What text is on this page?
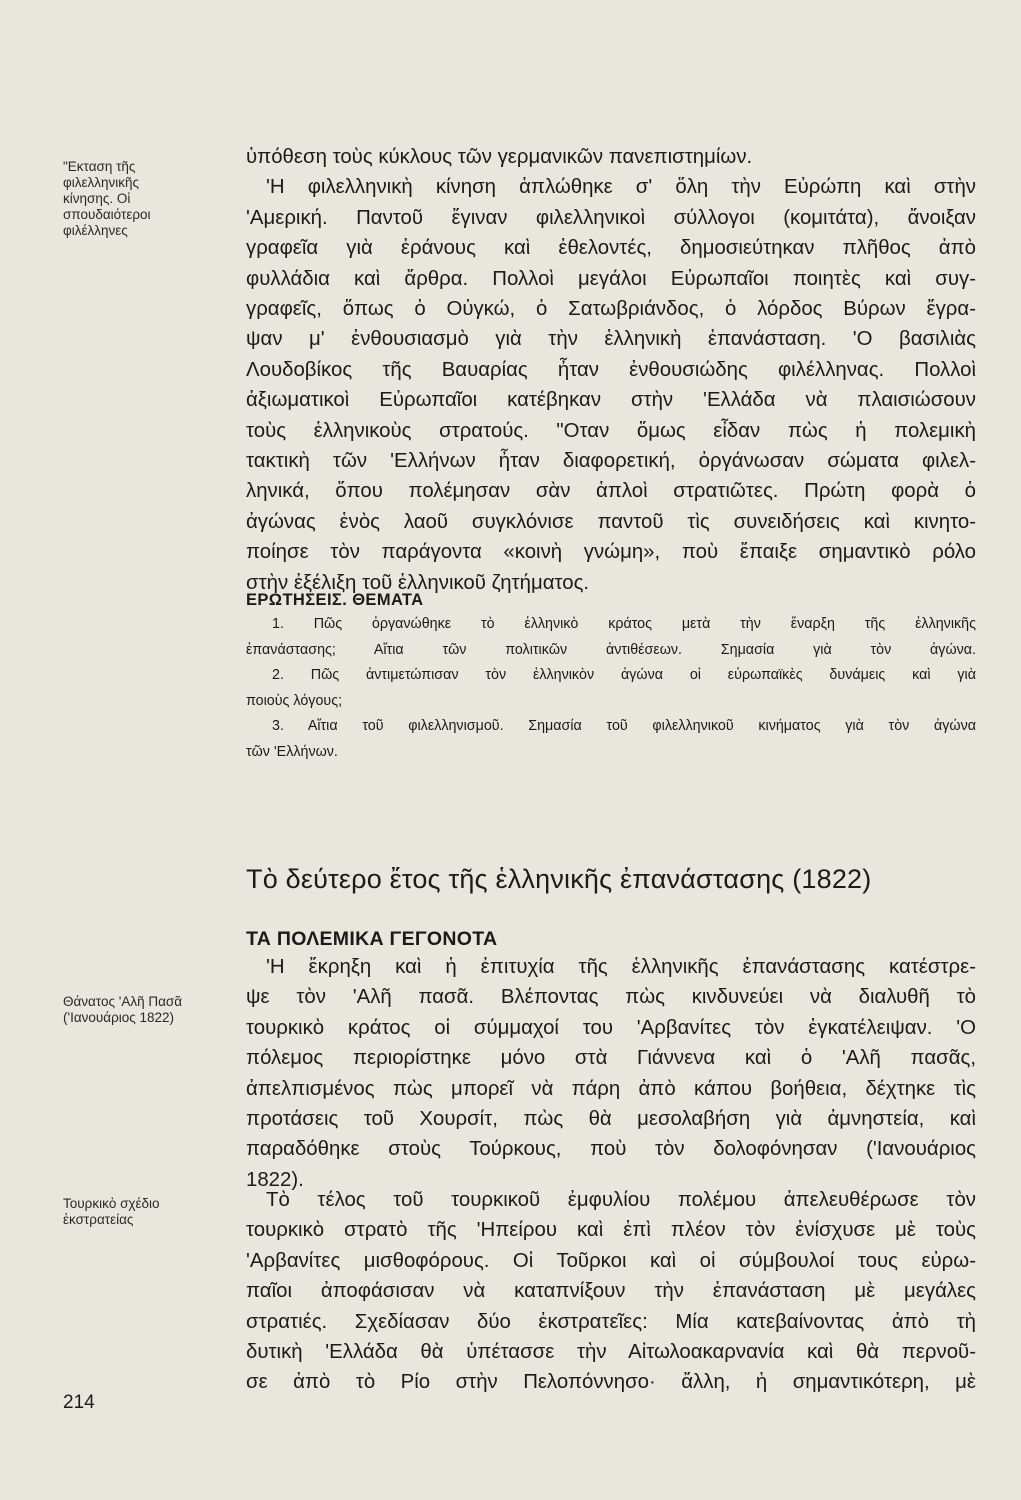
"Εκταση τῆς
φιλελληνικῆς
κίνησης. Οἱ
σπουδαιότεροι
φιλέλληνες
Θάνατος 'Αλῆ Πασᾶ
('Ιανουάριος 1822)
Τουρκικὸ σχέδιο
ἐκστρατείας
214
ὑπόθεση τοὺς κύκλους τῶν γερμανικῶν πανεπιστημίων.
'Η φιλελληνικὴ κίνηση ἁπλώθηκε σ' ὅλη τὴν Εὐρώπη καὶ στὴν
'Αμερική. Παντοῦ ἔγιναν φιλελληνικοὶ σύλλογοι (κομιτάτα), ἄνοιξαν
γραφεῖα γιὰ ἐράνους καὶ ἐθελοντές, δημοσιεύτηκαν πλῆθος ἀπὸ
φυλλάδια καὶ ἄρθρα. Πολλοὶ μεγάλοι Εὐρωπαῖοι ποιητὲς καὶ συγ-
γραφεῖς, ὅπως ὁ Οὐγκώ, ὁ Σατωβριάνδος, ὁ λόρδος Βύρων ἔγρα-
ψαν μ' ἐνθουσιασμὸ γιὰ τὴν ἑλληνικὴ ἐπανάσταση. 'Ο βασιλιὰς
Λουδοβίκος τῆς Βαυαρίας ἦταν ἐνθουσιώδης φιλέλληνας. Πολλοὶ
ἀξιωματικοὶ Εὐρωπαῖοι κατέβηκαν στὴν 'Ελλάδα νὰ πλαισιώσουν
τοὺς ἑλληνικοὺς στρατούς. "Οταν ὅμως εἶδαν πὼς ἡ πολεμικὴ
τακτικὴ τῶν 'Ελλήνων ἦταν διαφορετική, ὀργάνωσαν σώματα φιλελ-
ληνικά, ὅπου πολέμησαν σὰν ἁπλοὶ στρατιῶτες. Πρώτη φορὰ ὁ
ἀγώνας ἑνὸς λαοῦ συγκλόνισε παντοῦ τὶς συνειδήσεις καὶ κινητο-
ποίησε τὸν παράγοντα «κοινὴ γνώμη», ποὺ ἔπαιξε σημαντικὸ ρόλο
στὴν ἐξέλιξη τοῦ ἑλληνικοῦ ζητήματος.
ΕΡΩΤΗΣΕΙΣ. ΘΕΜΑΤΑ
1. Πῶς ὀργανώθηκε τὸ ἑλληνικὸ κράτος μετὰ τὴν ἔναρξη τῆς ἑλληνικῆς
ἐπανάστασης; Αἴτια τῶν πολιτικῶν ἀντιθέσεων. Σημασία γιὰ τὸν ἀγώνα.
2. Πῶς ἀντιμετώπισαν τὸν ἑλληνικὸν ἀγώνα οἱ εὐρωπαϊκὲς δυνάμεις καὶ γιὰ
ποιοὺς λόγους;
3. Αἴτια τοῦ φιλελληνισμοῦ. Σημασία τοῦ φιλελληνικοῦ κινήματος γιὰ τὸν ἀγώνα
τῶν 'Ελλήνων.
Τὸ δεύτερο ἔτος τῆς ἑλληνικῆς ἐπανάστασης (1822)
ΤΑ ΠΟΛΕΜΙΚΑ ΓΕΓΟΝΟΤΑ
'Η ἔκρηξη καὶ ἡ ἐπιτυχία τῆς ἑλληνικῆς ἐπανάστασης κατέστρε-
ψε τὸν 'Αλῆ πασᾶ. Βλέποντας πὼς κινδυνεύει νὰ διαλυθῆ τὸ
τουρκικὸ κράτος οἱ σύμμαχοί του 'Αρβανίτες τὸν ἐγκατέλειψαν. 'Ο
πόλεμος περιορίστηκε μόνο στὰ Γιάννενα καὶ ὁ 'Αλῆ πασᾶς,
ἀπελπισμένος πὼς μπορεῖ νὰ πάρη ἀπὸ κάπου βοήθεια, δέχτηκε τὶς
προτάσεις τοῦ Χουρσίτ, πὼς θὰ μεσολαβήση γιὰ ἀμνηστεία, καὶ
παραδόθηκε στοὺς Τούρκους, ποὺ τὸν δολοφόνησαν ('Ιανουάριος
1822).
Τὸ τέλος τοῦ τουρκικοῦ ἐμφυλίου πολέμου ἀπελευθέρωσε τὸν
τουρκικὸ στρατὸ τῆς 'Ηπείρου καὶ ἐπὶ πλέον τὸν ἐνίσχυσε μὲ τοὺς
'Αρβανίτες μισθοφόρους. Οἱ Τοῦρκοι καὶ οἱ σύμβουλοί τους εὐρω-
παῖοι ἀποφάσισαν νὰ καταπνίξουν τὴν ἐπανάσταση μὲ μεγάλες
στρατιές. Σχεδίασαν δύο ἐκστρατεῖες: Μία κατεβαίνοντας ἀπὸ τὴ
δυτικὴ 'Ελλάδα θὰ ὑπέτασσε τὴν Αἰτωλοακαρνανία καὶ θὰ περνοῦ-
σε ἀπὸ τὸ Ρίο στὴν Πελοπόννησο· ἄλλη, ἡ σημαντικότερη, μὲ
